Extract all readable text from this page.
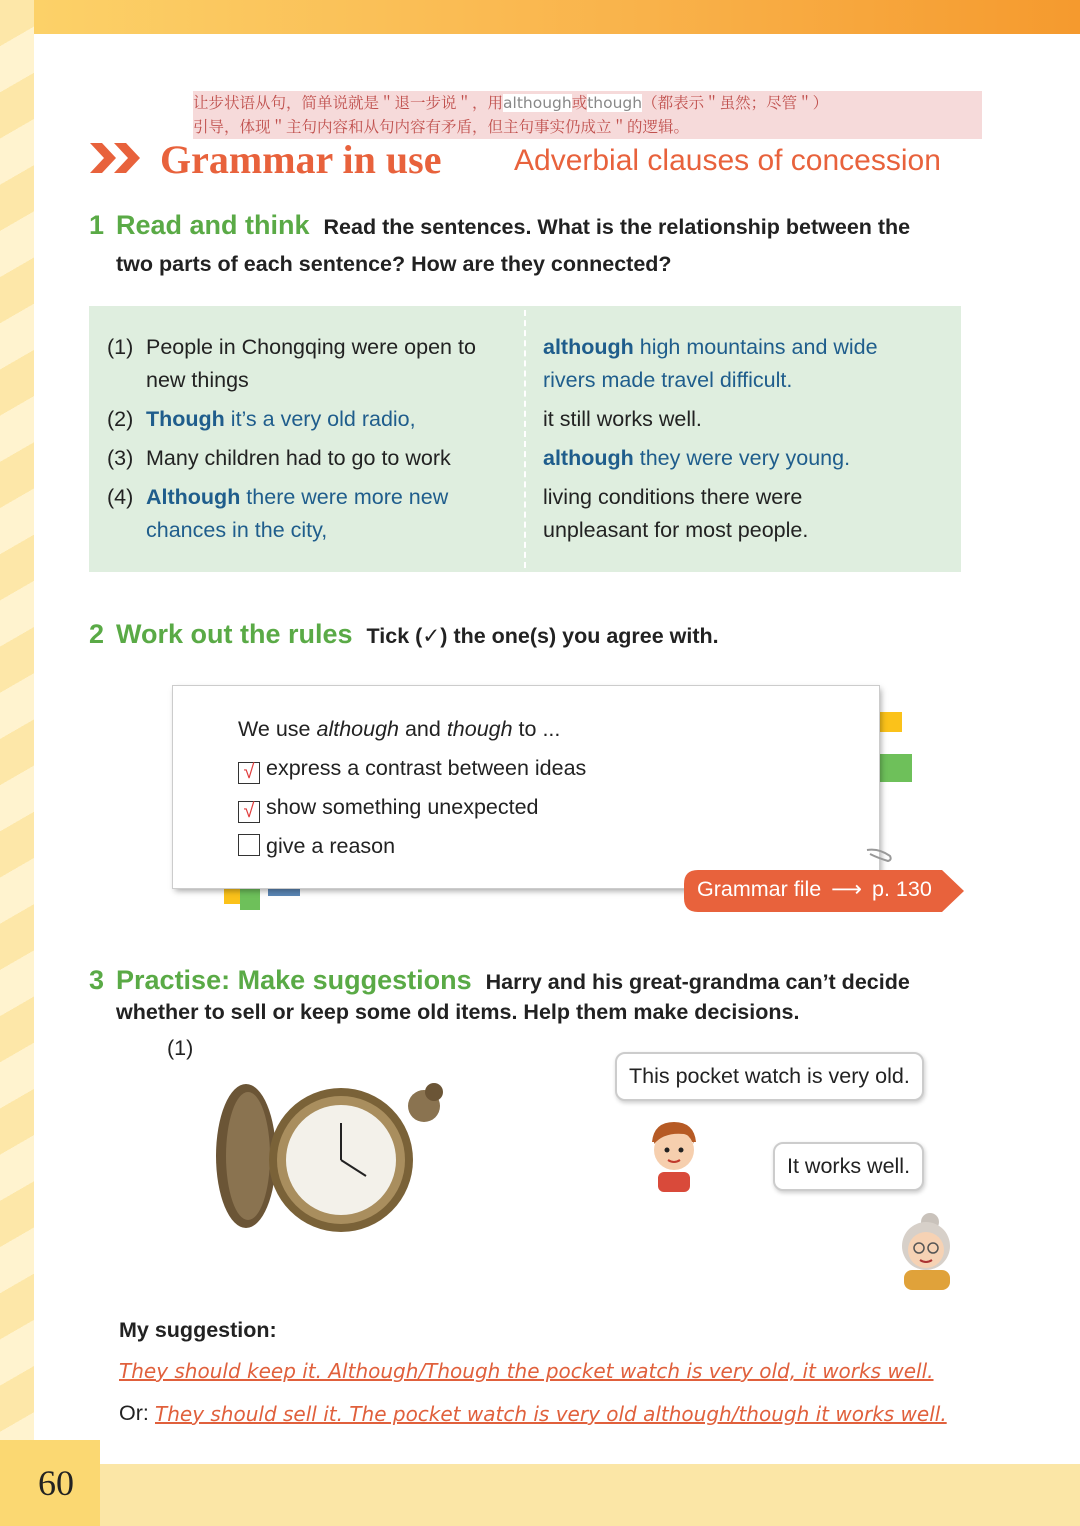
60
让步状语从句，简单说就是＂退一步说＂，用although或though（都表示＂虽然；尽管＂）
引导，体现＂主句内容和从句内容有矛盾，但主句事实仍成立＂的逻辑。
Grammar in use Adverbial clauses of concession
1 Read and think Read the sentences. What is the relationship between the
two parts of each sentence? How are they connected?
(1) People in Chongqing were open to
new things
although high mountains and wide
rivers made travel difficult.
(2) Though it’s a very old radio,	it still works well.
(3) Many children had to go to work	although they were very young.
(4) Although there were more new
chances in the city,
living conditions there were
unpleasant for most people.
2 Work out the rules Tick (✓) the one(s) you agree with.
We use although and though to ...
√ express a contrast between ideas
√ show something unexpected
give a reason
Grammar file ⟶ p. 130
3 Practise: Make suggestions Harry and his great-grandma can’t decide
whether to sell or keep some old items. Help them make decisions.
(1)
This pocket watch is very old.
It works well.
My suggestion:
They should keep it. Although/Though the pocket watch is very old, it works well.
Or: They should sell it. The pocket watch is very old although/though it works well.
